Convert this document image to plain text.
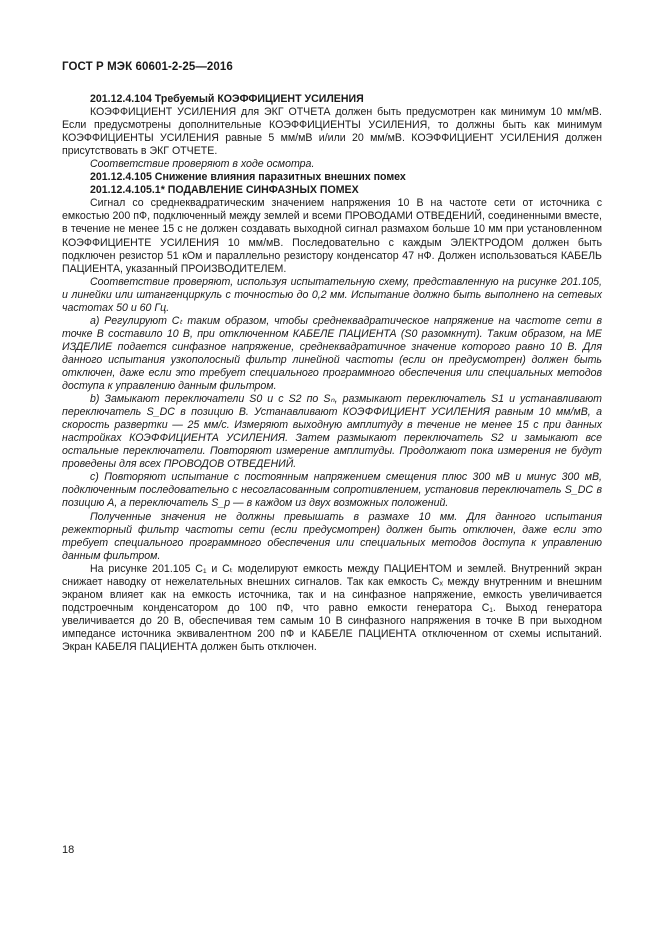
ГОСТ Р МЭК 60601-2-25—2016

201.12.4.104 Требуемый КОЭФФИЦИЕНТ УСИЛЕНИЯ

КОЭФФИЦИЕНТ УСИЛЕНИЯ для ЭКГ ОТЧЕТА должен быть предусмотрен как минимум 10 мм/мВ. Если предусмотрены дополнительные КОЭФФИЦИЕНТЫ УСИЛЕНИЯ, то должны быть как минимум КОЭФФИЦИЕНТЫ УСИЛЕНИЯ равные 5 мм/мВ и/или 20 мм/мВ. КОЭФФИЦИЕНТ УСИЛЕНИЯ должен присутствовать в ЭКГ ОТЧЕТЕ.

Соответствие проверяют в ходе осмотра.

201.12.4.105 Снижение влияния паразитных внешних помех

201.12.4.105.1* ПОДАВЛЕНИЕ СИНФАЗНЫХ ПОМЕХ

Сигнал со среднеквадратическим значением напряжения 10 В на частоте сети от источника с емкостью 200 пФ, подключенный между землей и всеми ПРОВОДАМИ ОТВЕДЕНИЙ, соединенными вместе, в течение не менее 15 с не должен создавать выходной сигнал размахом больше 10 мм при установленном КОЭФФИЦИЕНТЕ УСИЛЕНИЯ 10 мм/мВ. Последовательно с каждым ЭЛЕКТРОДОМ должен быть подключен резистор 51 кОм и параллельно резистору конденсатор 47 нФ. Должен использоваться КАБЕЛЬ ПАЦИЕНТА, указанный ПРОИЗВОДИТЕЛЕМ.

Соответствие проверяют, используя испытательную схему, представленную на рисунке 201.105, и линейки или штангенциркуль с точностью до 0,2 мм. Испытание должно быть выполнено на сетевых частотах 50 и 60 Гц.

а) Регулируют Cₜ таким образом, чтобы среднеквадратическое напряжение на частоте сети в точке В составило 10 В, при отключенном КАБЕЛЕ ПАЦИЕНТА (S0 разомкнут). Таким образом, на МЕ ИЗДЕЛИЕ подается синфазное напряжение, среднеквадратичное значение которого равно 10 В. Для данного испытания узкополосный фильтр линейной частоты (если он предусмотрен) должен быть отключен, даже если это требует специального программного обеспечения или специальных методов доступа к управлению данным фильтром.

b) Замыкают переключатели S0 и с S2 по Sₙ, размыкают переключатель S1 и устанавливают переключатель S_DC в позицию В. Устанавливают КОЭФФИЦИЕНТ УСИЛЕНИЯ равным 10 мм/мВ, а скорость развертки — 25 мм/с. Измеряют выходную амплитуду в течение не менее 15 с при данных настройках КОЭФФИЦИЕНТА УСИЛЕНИЯ. Затем размыкают переключатель S2 и замыкают все остальные переключатели. Повторяют измерение амплитуды. Продолжают пока измерения не будут проведены для всех ПРОВОДОВ ОТВЕДЕНИЙ.

с) Повторяют испытание с постоянным напряжением смещения плюс 300 мВ и минус 300 мВ, подключенным последовательно с несогласованным сопротивлением, установив переключатель S_DC в позицию А, а переключатель S_p — в каждом из двух возможных положений.

Полученные значения не должны превышать в размахе 10 мм. Для данного испытания режекторный фильтр частоты сети (если предусмотрен) должен быть отключен, даже если это требует специального программного обеспечения или специальных методов доступа к управлению данным фильтром.

На рисунке 201.105 C₁ и Cₜ моделируют емкость между ПАЦИЕНТОМ и землей. Внутренний экран снижает наводку от нежелательных внешних сигналов. Так как емкость Cₓ между внутренним и внешним экраном влияет как на емкость источника, так и на синфазное напряжение, емкость увеличивается подстроечным конденсатором до 100 пФ, что равно емкости генератора C₁. Выход генератора увеличивается до 20 В, обеспечивая тем самым 10 В синфазного напряжения в точке В при выходном импедансе источника эквивалентном 200 пФ и КАБЕЛЕ ПАЦИЕНТА отключенном от схемы испытаний. Экран КАБЕЛЯ ПАЦИЕНТА должен быть отключен.

18
